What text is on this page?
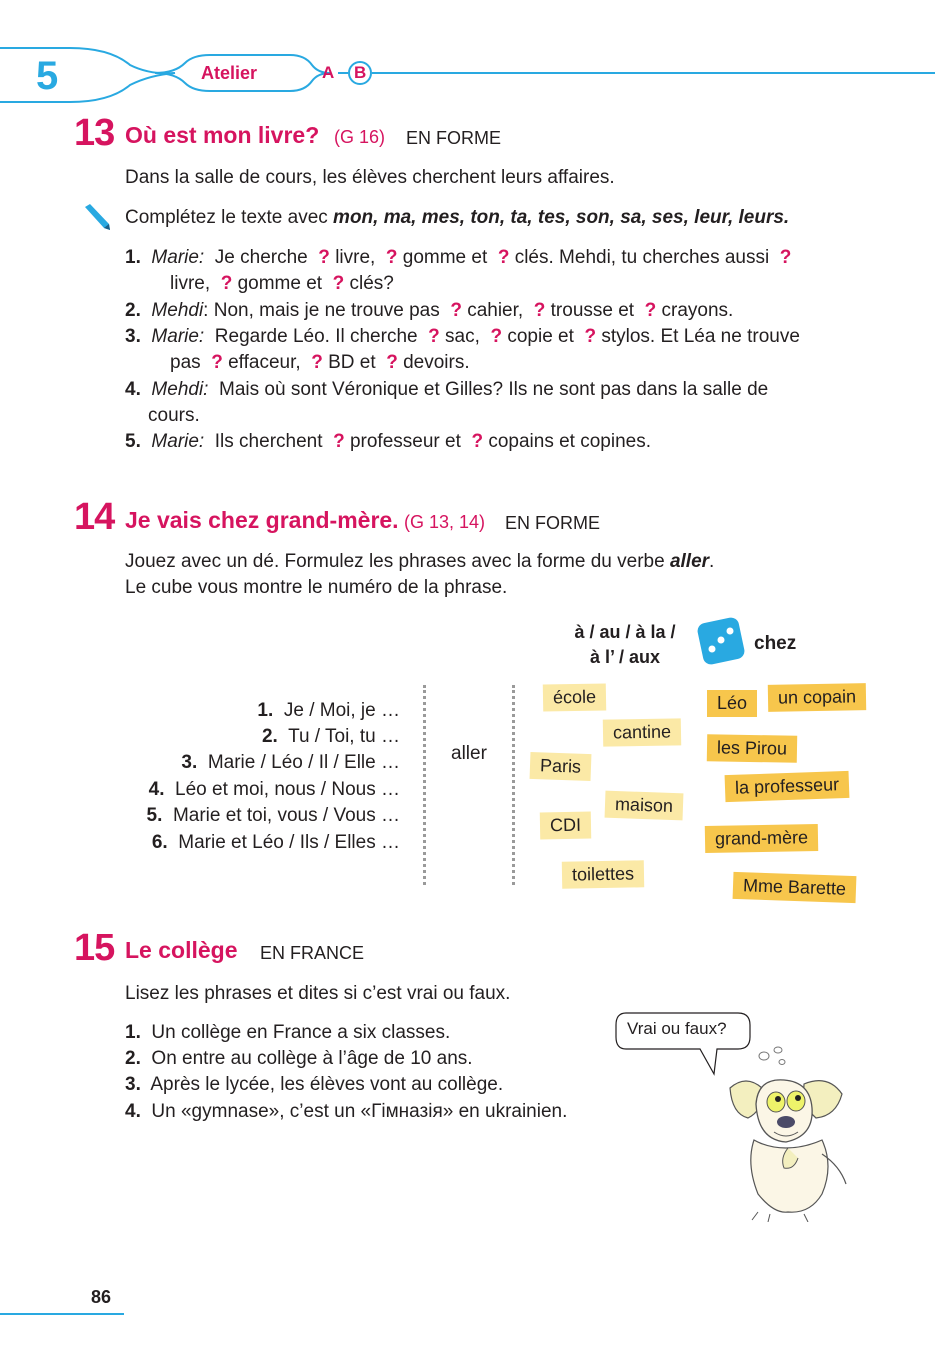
5	Atelier	A B
13 Où est mon livre? (G 16) EN FORME
Dans la salle de cours, les élèves cherchent leurs affaires.
Complétez le texte avec mon, ma, mes, ton, ta, tes, son, sa, ses, leur, leurs.
1. Marie: Je cherche ? livre, ? gomme et ? clés. Mehdi, tu cherches aussi ?
livre, ? gomme et ? clés?
2. Mehdi: Non, mais je ne trouve pas ? cahier, ? trousse et ? crayons.
3. Marie: Regarde Léo. Il cherche ? sac, ? copie et ? stylos. Et Léa ne trouve
pas ? effaceur, ? BD et ? devoirs.
4. Mehdi: Mais où sont Véronique et Gilles? Ils ne sont pas dans la salle de
cours.
5. Marie: Ils cherchent ? professeur et ? copains et copines.
14 Je vais chez grand-mère. (G 13, 14) EN FORME
Jouez avec un dé. Formulez les phrases avec la forme du verbe aller.
Le cube vous montre le numéro de la phrase.
à / au / à la /
à l’ / aux
chez
1. Je / Moi, je …
2. Tu / Toi, tu …
3. Marie / Léo / Il / Elle …
4. Léo et moi, nous / Nous …
5. Marie et toi, vous / Vous …
6. Marie et Léo / Ils / Elles …
aller
école
cantine
Paris
maison
CDI
toilettes
Léo	un copain
les Pirou
la professeur
grand-mère
Mme Barette
15 Le collège EN FRANCE
Lisez les phrases et dites si c’est vrai ou faux.
1. Un collège en France a six classes.
2. On entre au collège à l’âge de 10 ans.
3. Après le lycée, les élèves vont au collège.
4. Un «gymnase», c’est un «Гімназія» en ukrainien.
Vrai ou faux?
86
